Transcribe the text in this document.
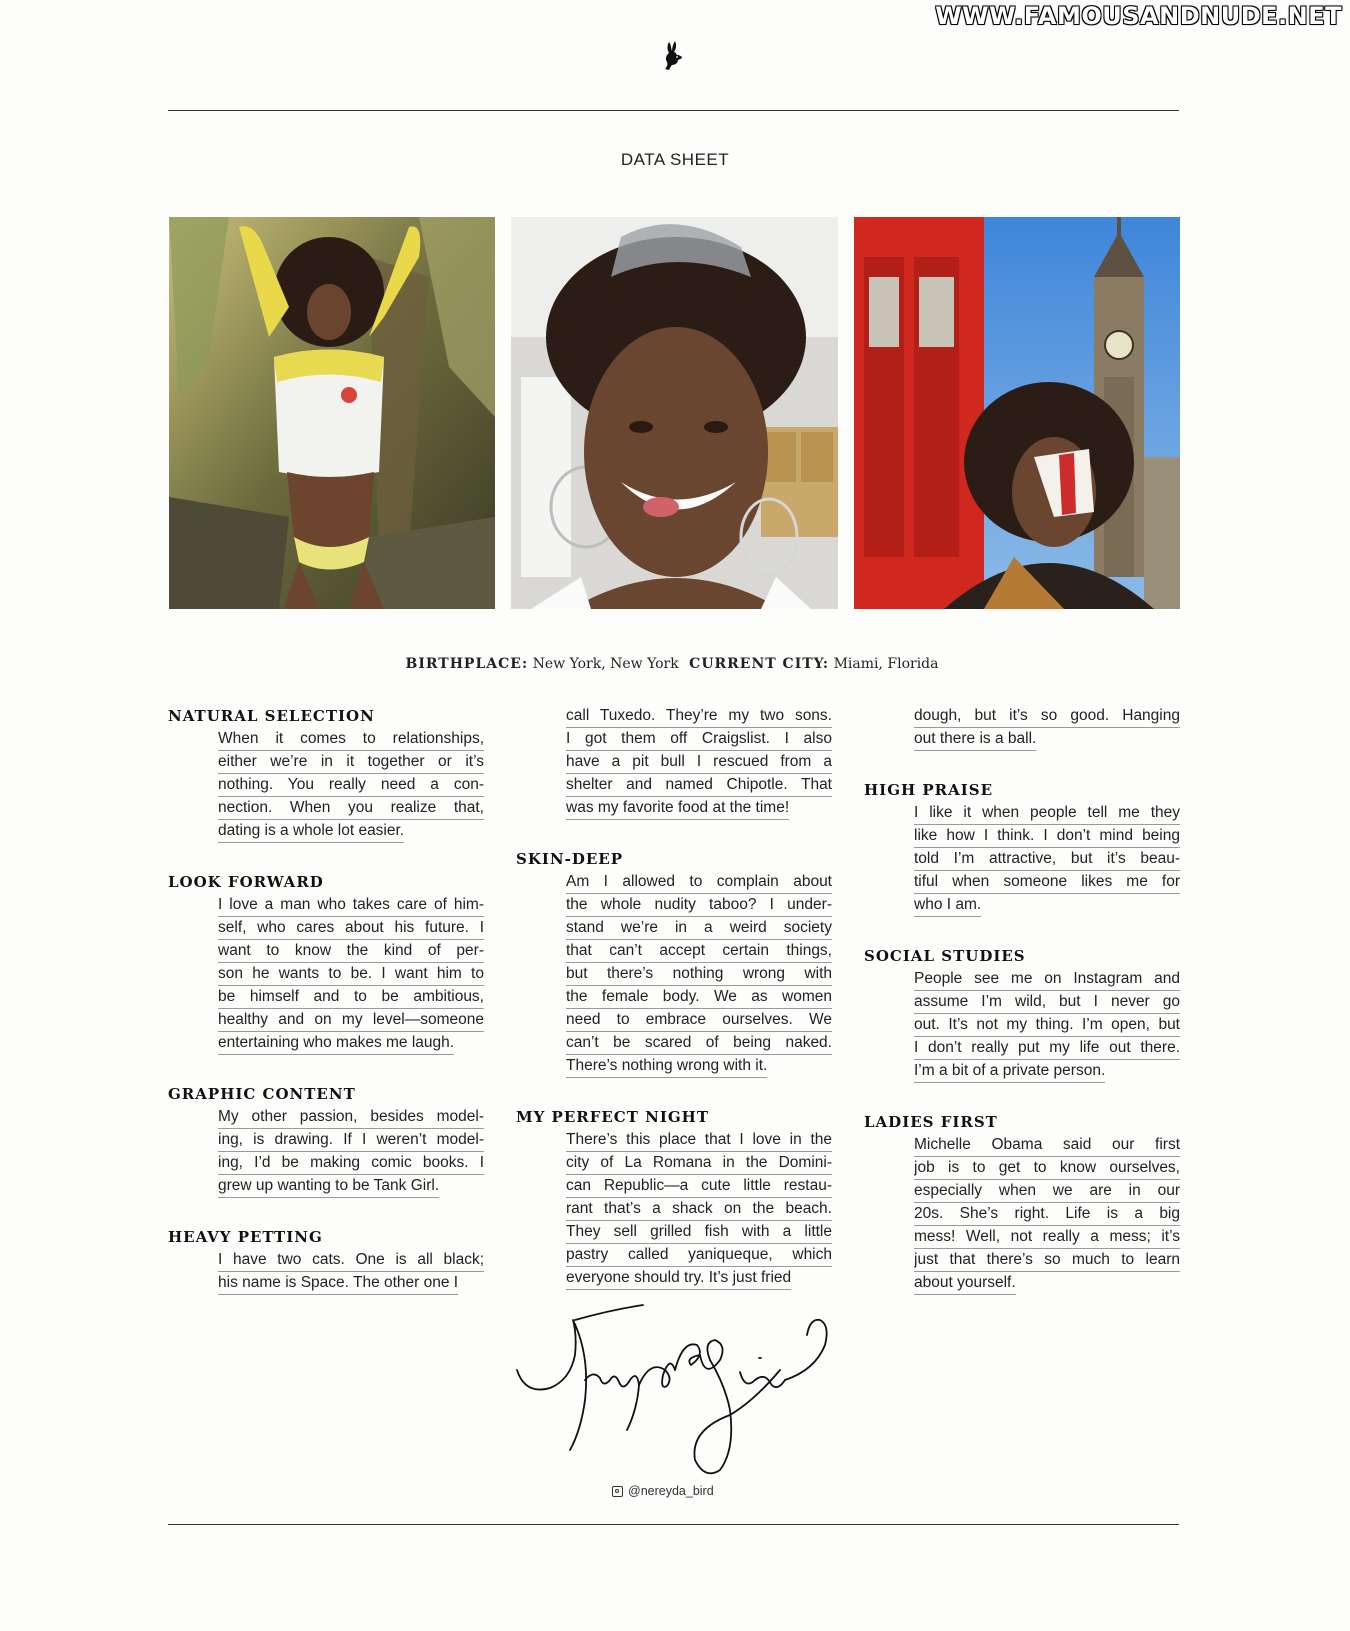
WWW.FAMOUSANDNUDE.NET
DATA SHEET
BIRTHPLACE: New York, New York CURRENT CITY: Miami, Florida
NATURAL SELECTION
When it comes to relationships,
either we’re in it together or it’s
nothing. You really need a con-
nection. When you realize that,
dating is a whole lot easier.
LOOK FORWARD
I love a man who takes care of him-
self, who cares about his future. I
want to know the kind of per-
son he wants to be. I want him to
be himself and to be ambitious,
healthy and on my level—someone
entertaining who makes me laugh.
GRAPHIC CONTENT
My other passion, besides model-
ing, is drawing. If I weren’t model-
ing, I’d be making comic books. I
grew up wanting to be Tank Girl.
HEAVY PETTING
I have two cats. One is all black;
his name is Space. The other one I
call Tuxedo. They’re my two sons.
I got them off Craigslist. I also
have a pit bull I rescued from a
shelter and named Chipotle. That
was my favorite food at the time!
SKIN-DEEP
Am I allowed to complain about
the whole nudity taboo? I under-
stand we’re in a weird society
that can’t accept certain things,
but there’s nothing wrong with
the female body. We as women
need to embrace ourselves. We
can’t be scared of being naked.
There’s nothing wrong with it.
MY PERFECT NIGHT
There’s this place that I love in the
city of La Romana in the Domini-
can Republic—a cute little restau-
rant that’s a shack on the beach.
They sell grilled fish with a little
pastry called yaniqueque, which
everyone should try. It’s just fried
dough, but it’s so good. Hanging
out there is a ball.
HIGH PRAISE
I like it when people tell me they
like how I think. I don’t mind being
told I’m attractive, but it’s beau-
tiful when someone likes me for
who I am.
SOCIAL STUDIES
People see me on Instagram and
assume I’m wild, but I never go
out. It’s not my thing. I’m open, but
I don’t really put my life out there.
I’m a bit of a private person.
LADIES FIRST
Michelle Obama said our first
job is to get to know ourselves,
especially when we are in our
20s. She’s right. Life is a big
mess! Well, not really a mess; it’s
just that there’s so much to learn
about yourself.
@nereyda_bird
